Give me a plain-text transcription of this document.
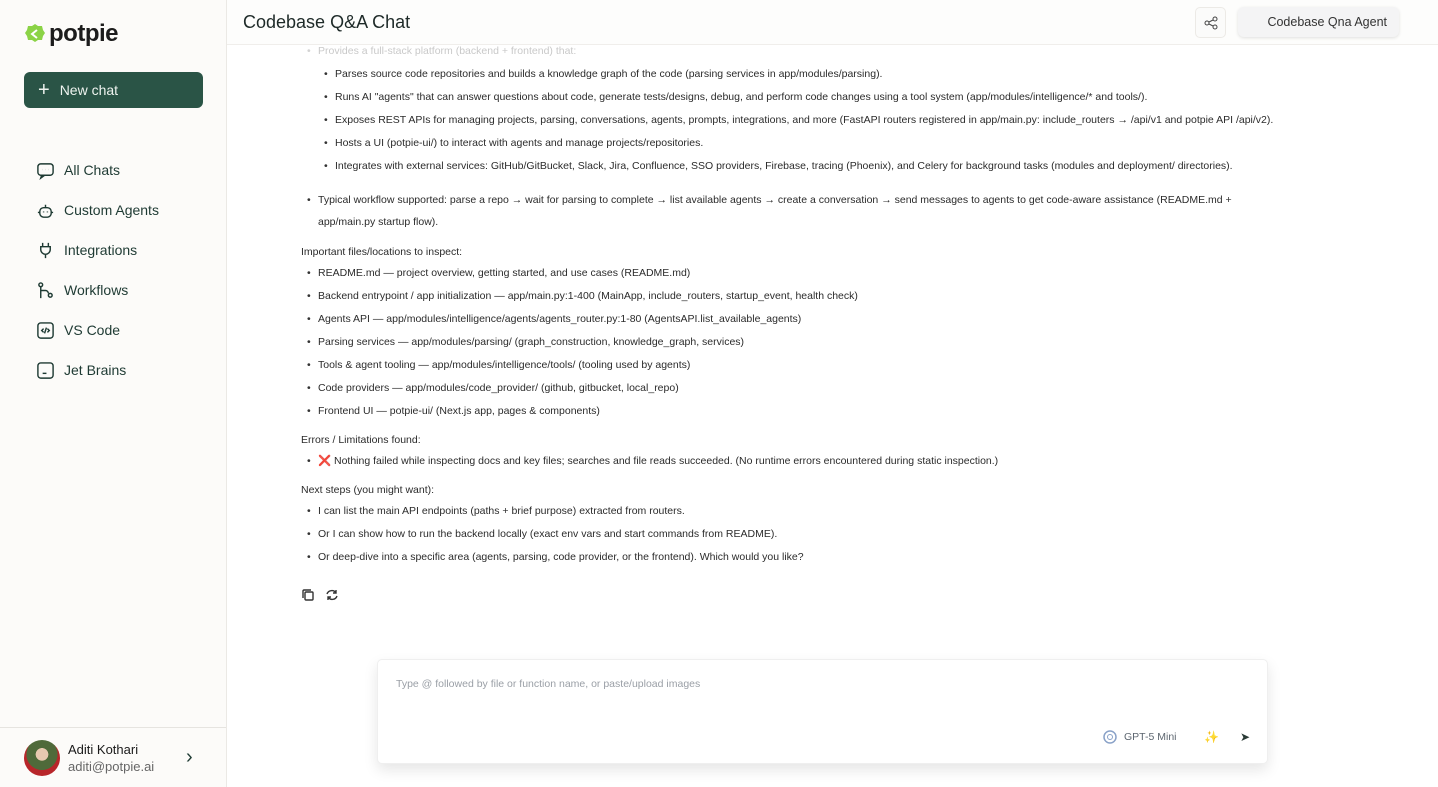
potpie
+ New chat
All Chats
Custom Agents
Integrations
Workflows
VS Code
Jet Brains
Aditi Kothari
aditi@potpie.ai ›
Codebase Q&A Chat	Codebase Qna Agent
• Provides a full-stack platform (backend + frontend) that:
• Parses source code repositories and builds a knowledge graph of the code (parsing services in app/modules/parsing).
• Runs AI "agents" that can answer questions about code, generate tests/designs, debug, and perform code changes using a tool system (app/modules/intelligence/* and tools/).
• Exposes REST APIs for managing projects, parsing, conversations, agents, prompts, integrations, and more (FastAPI routers registered in app/main.py: include_routers → /api/v1 and potpie API /api/v2).
• Hosts a UI (potpie-ui/) to interact with agents and manage projects/repositories.
• Integrates with external services: GitHub/GitBucket, Slack, Jira, Confluence, SSO providers, Firebase, tracing (Phoenix), and Celery for background tasks (modules and deployment/ directories).
• Typical workflow supported: parse a repo → wait for parsing to complete → list available agents → create a conversation → send messages to agents to get code-aware assistance (README.md + app/main.py startup flow).
Important files/locations to inspect:
• README.md — project overview, getting started, and use cases (README.md)
• Backend entrypoint / app initialization — app/main.py:1-400 (MainApp, include_routers, startup_event, health check)
• Agents API — app/modules/intelligence/agents/agents_router.py:1-80 (AgentsAPI.list_available_agents)
• Parsing services — app/modules/parsing/ (graph_construction, knowledge_graph, services)
• Tools & agent tooling — app/modules/intelligence/tools/ (tooling used by agents)
• Code providers — app/modules/code_provider/ (github, gitbucket, local_repo)
• Frontend UI — potpie-ui/ (Next.js app, pages & components)
Errors / Limitations found:
• ❌ Nothing failed while inspecting docs and key files; searches and file reads succeeded. (No runtime errors encountered during static inspection.)
Next steps (you might want):
• I can list the main API endpoints (paths + brief purpose) extracted from routers.
• Or I can show how to run the backend locally (exact env vars and start commands from README).
• Or deep-dive into a specific area (agents, parsing, code provider, or the frontend). Which would you like?
Type @ followed by file or function name, or paste/upload images
GPT-5 Mini ✨ ➤
